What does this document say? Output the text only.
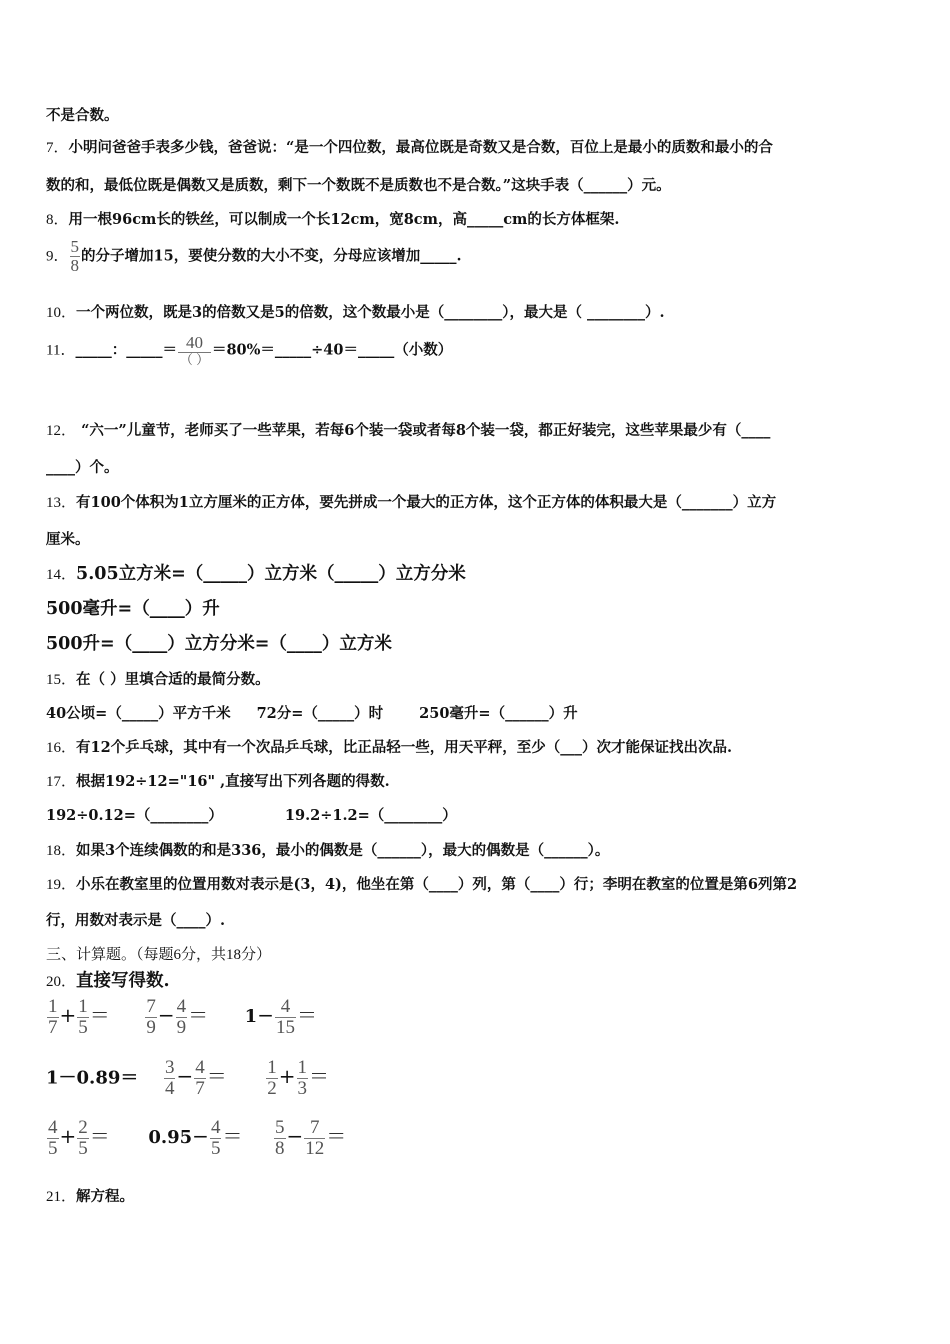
不是合数。
7．小明问爸爸手表多少钱，爸爸说：“是一个四位数，最高位既是奇数又是合数，百位上是最小的质数和最小的合
数的和，最低位既是偶数又是质数，剩下一个数既不是质数也不是合数。”这块手表（______）元。
8．用一根96cm长的铁丝，可以制成一个长12cm，宽8cm，高_____cm的长方体框架.
9． $\frac{5}{8}$ 的分子增加15，要使分数的大小不变，分母应该增加_____.
10．一个两位数，既是3的倍数又是5的倍数，这个数最小是（________），最大是（ ________）.
11．_____：_____＝ $\frac{40}{( )}$ ＝80%＝_____÷40＝_____（小数）
12． “六一”儿童节，老师买了一些苹果，若每6个装一袋或者每8个装一袋，都正好装完，这些苹果最少有（____
____）个。
13．有100个体积为1立方厘米的正方体，要先拼成一个最大的正方体，这个正方体的体积最大是（_______）立方
厘米。
14．5.05立方米=（_____）立方米（_____）立方分米
500毫升=（____）升
500升=（____）立方分米=（____）立方米
15．在（ ）里填合适的最简分数。
40公顷=（_____）平方千米 72分=（_____）时 250毫升=（______）升
16．有12个乒乓球，其中有一个次品乒乓球，比正品轻一些，用天平秤，至少（___）次才能保证找出次品.
17．根据192÷12="16" ,直接写出下列各题的得数.
192÷0.12=（________）	19.2÷1.2=（________）
18．如果3个连续偶数的和是336，最小的偶数是（______），最大的偶数是（______）。
19．小乐在教室里的位置用数对表示是(3，4)，他坐在第（____）列，第（____）行；李明在教室的位置是第6列第2
行，用数对表示是（____）.
三、计算题。（每题6分，共18分）
20．直接写得数.
$\frac{1}{7} + \frac{1}{5} = \frac{7}{9} - \frac{4}{9} = 1- \frac{4}{15}$ ＝
$1-0.89= \frac{3}{4} - \frac{4}{7} = \frac{1}{2} + \frac{1}{3}$ ＝
$\frac{4}{5} + \frac{2}{5} = 0.95- \frac{4}{5} = \frac{5}{8} - \frac{7}{12}$ ＝
21．解方程。
